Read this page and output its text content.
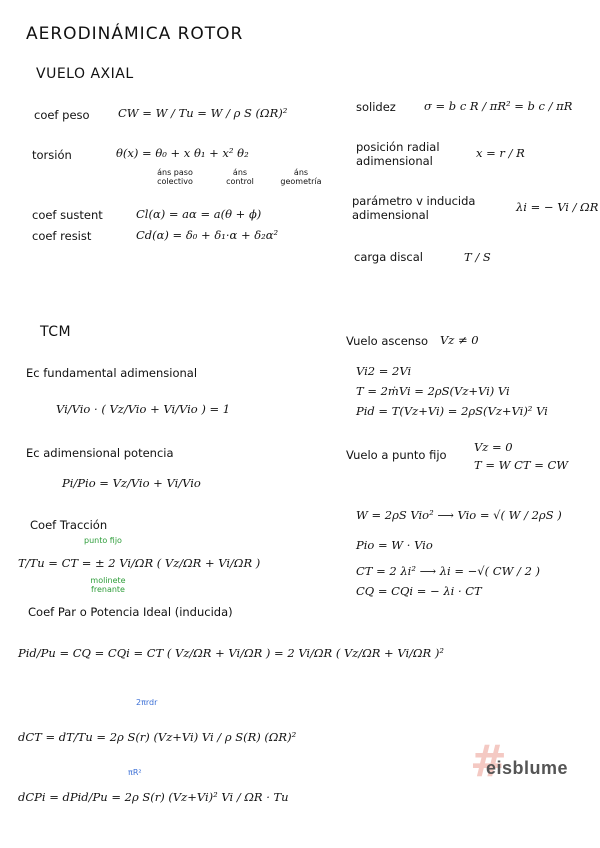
AERODINÁMICA ROTOR
VUELO AXIAL
coef peso CW = W / Tu = W / ρ S (ΩR)²
torsión	θ(x) = θ₀ + x θ₁ + x² θ₂
áns paso colectivo
áns control
áns geometría
coef sustent	Cl(α) = aα = a(θ + ϕ)
coef resist	Cd(α) = δ₀ + δ₁·α + δ₂α²
solidez σ = b c R / πR² = b c / πR
posición radial adimensional
x = r / R
parámetro v inducida adimensional
λi = − Vi / ΩR
carga discal	T / S
TCM
Ec fundamental adimensional
Vi/Vio · ( Vz/Vio + Vi/Vio ) = 1
Ec adimensional potencia
Pi/Pio = Vz/Vio + Vi/Vio
Coef Tracción
punto fijo
T/Tu = CT = ± 2 Vi/ΩR ( Vz/ΩR + Vi/ΩR )
molinete frenante
Coef Par o Potencia Ideal (inducida)
Pid/Pu = CQ = CQi = CT ( Vz/ΩR + Vi/ΩR ) = 2 Vi/ΩR ( Vz/ΩR + Vi/ΩR )²
2πrdr
dCT = dT/Tu = 2ρ S(r) (Vz+Vi) Vi / ρ S(R) (ΩR)²
πR²
dCPi = dPid/Pu = 2ρ S(r) (Vz+Vi)² Vi / ΩR · Tu
Vuelo ascenso Vz ≠ 0
Vi2 = 2Vi
T = 2ṁVi = 2ρS(Vz+Vi) Vi
Pid = T(Vz+Vi) = 2ρS(Vz+Vi)² Vi
Vuelo a punto fijo
Vz = 0
T = W CT = CW
W = 2ρS Vio² ⟶ Vio = √( W / 2ρS )
Pio = W · Vio
CT = 2 λi² ⟶ λi = −√( CW / 2 )
CQ = CQi = − λi · CT
#
eisblume
